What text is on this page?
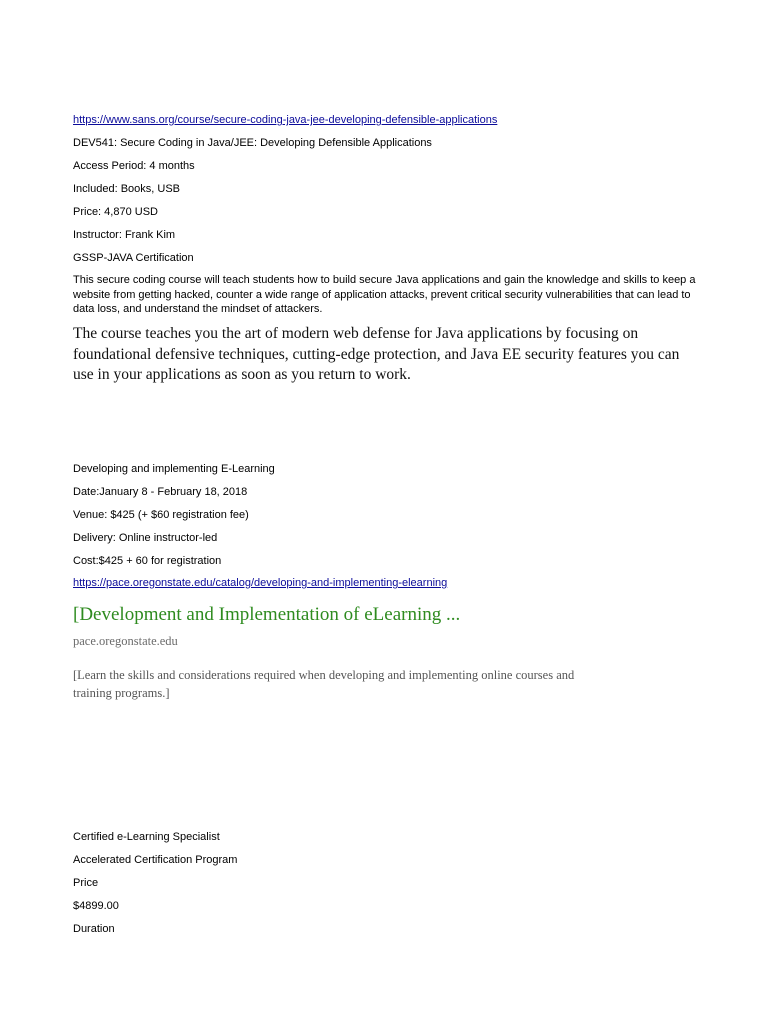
https://www.sans.org/course/secure-coding-java-jee-developing-defensible-applications
DEV541: Secure Coding in Java/JEE: Developing Defensible Applications
Access Period: 4 months
Included: Books, USB
Price: 4,870 USD
Instructor: Frank Kim
GSSP-JAVA Certification
This secure coding course will teach students how to build secure Java applications and gain the knowledge and skills to keep a website from getting hacked, counter a wide range of application attacks, prevent critical security vulnerabilities that can lead to data loss, and understand the mindset of attackers.
The course teaches you the art of modern web defense for Java applications by focusing on foundational defensive techniques, cutting-edge protection, and Java EE security features you can use in your applications as soon as you return to work.
Developing and implementing E-Learning
Date:January 8 - February 18, 2018
Venue: $425 (+ $60 registration fee)
Delivery: Online instructor-led
Cost:$425 + 60 for registration
https://pace.oregonstate.edu/catalog/developing-and-implementing-elearning
[Development and Implementation of eLearning ...
pace.oregonstate.edu
[Learn the skills and considerations required when developing and implementing online courses and training programs.]
Certified e-Learning Specialist
Accelerated Certification Program
Price
$4899.00
Duration
